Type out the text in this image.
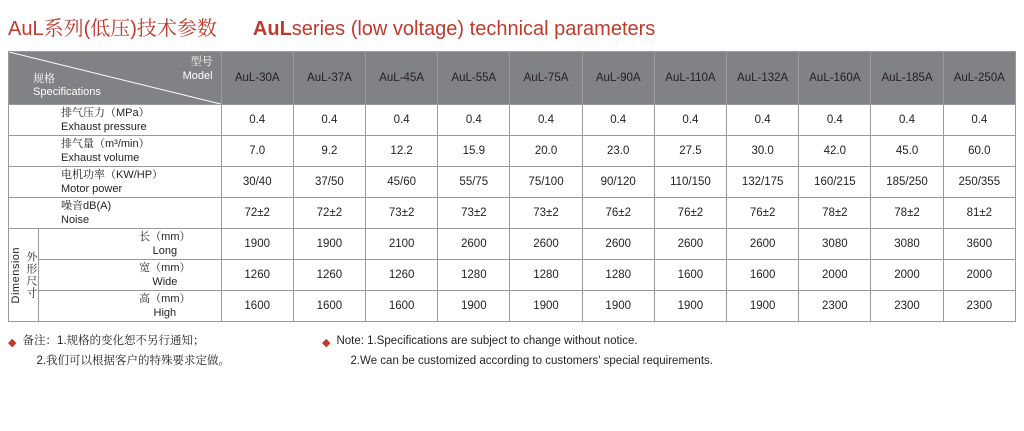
AuL系列(低压)技术参数 AuLseries (low voltage) technical parameters
型号
Model
规格
Specifications		AuL-30A	AuL-37A	AuL-45A	AuL-55A	AuL-75A	AuL-90A	AuL-110A	AuL-132A	AuL-160A	AuL-185A	AuL-250A

排气压力（MPa）
Exhaust pressure		0.4	0.4	0.4	0.4	0.4	0.4	0.4	0.4	0.4	0.4	0.4

排气量（m³/min）
Exhaust volume		7.0	9.2	12.2	15.9	20.0	23.0	27.5	30.0	42.0	45.0	60.0

电机功率（KW/HP）
Motor power		30/40	37/50	45/60	55/75	75/100	90/120	110/150	132/175	160/215	185/250	250/355

噪音dB(A)
Noise		72±2	72±2	73±2	73±2	73±2	76±2	76±2	76±2	78±2	78±2	81±2

Dimension 外形尺寸	长（mm）
Long	1900	1900	2100	2600	2600	2600	2600	2600	3080	3080	3600

	宽（mm）
Wide	1260	1260	1260	1280	1280	1280	1600	1600	2000	2000	2000

	高（mm）
High	1600	1600	1600	1900	1900	1900	1900	1900	2300	2300	2300
◆ 备注：1.规格的变化恕不另行通知；
2.我们可以根据客户的特殊要求定做。
◆ Note: 1.Specifications are subject to change without notice.
2.We can be customized according to customers' special requirements.
